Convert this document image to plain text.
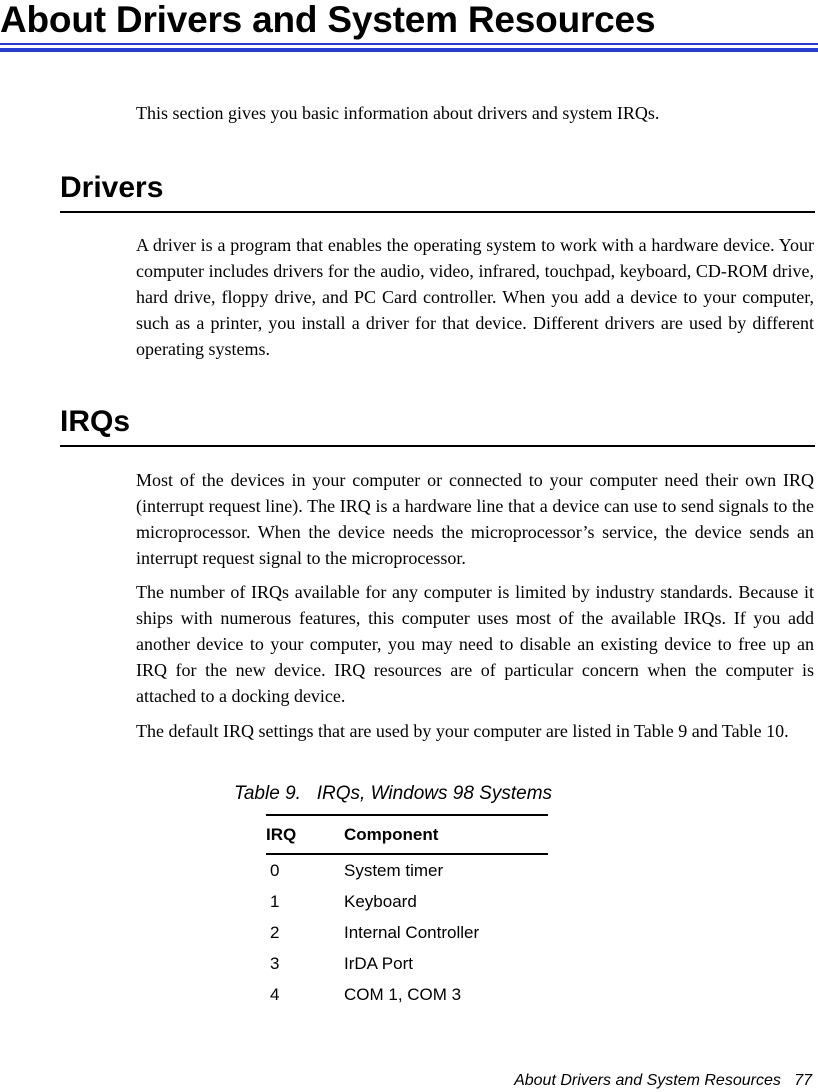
About Drivers and System Resources

This section gives you basic information about drivers and system IRQs.

Drivers

A driver is a program that enables the operating system to work with a hardware device. Your computer includes drivers for the audio, video, infrared, touchpad, keyboard, CD-ROM drive, hard drive, floppy drive, and PC Card controller. When you add a device to your computer, such as a printer, you install a driver for that device. Different drivers are used by different operating systems.

IRQs

Most of the devices in your computer or connected to your computer need their own IRQ (interrupt request line). The IRQ is a hardware line that a device can use to send signals to the microprocessor. When the device needs the microprocessor’s service, the device sends an interrupt request signal to the microprocessor.

The number of IRQs available for any computer is limited by industry standards. Because it ships with numerous features, this computer uses most of the available IRQs. If you add another device to your computer, you may need to disable an existing device to free up an IRQ for the new device. IRQ resources are of particular concern when the computer is attached to a docking device.

The default IRQ settings that are used by your computer are listed in Table 9 and Table 10.

Table 9.   IRQs, Windows 98 Systems

IRQ	Component
0	System timer
1	Keyboard
2	Internal Controller
3	IrDA Port
4	COM 1, COM 3

About Drivers and System Resources 77
